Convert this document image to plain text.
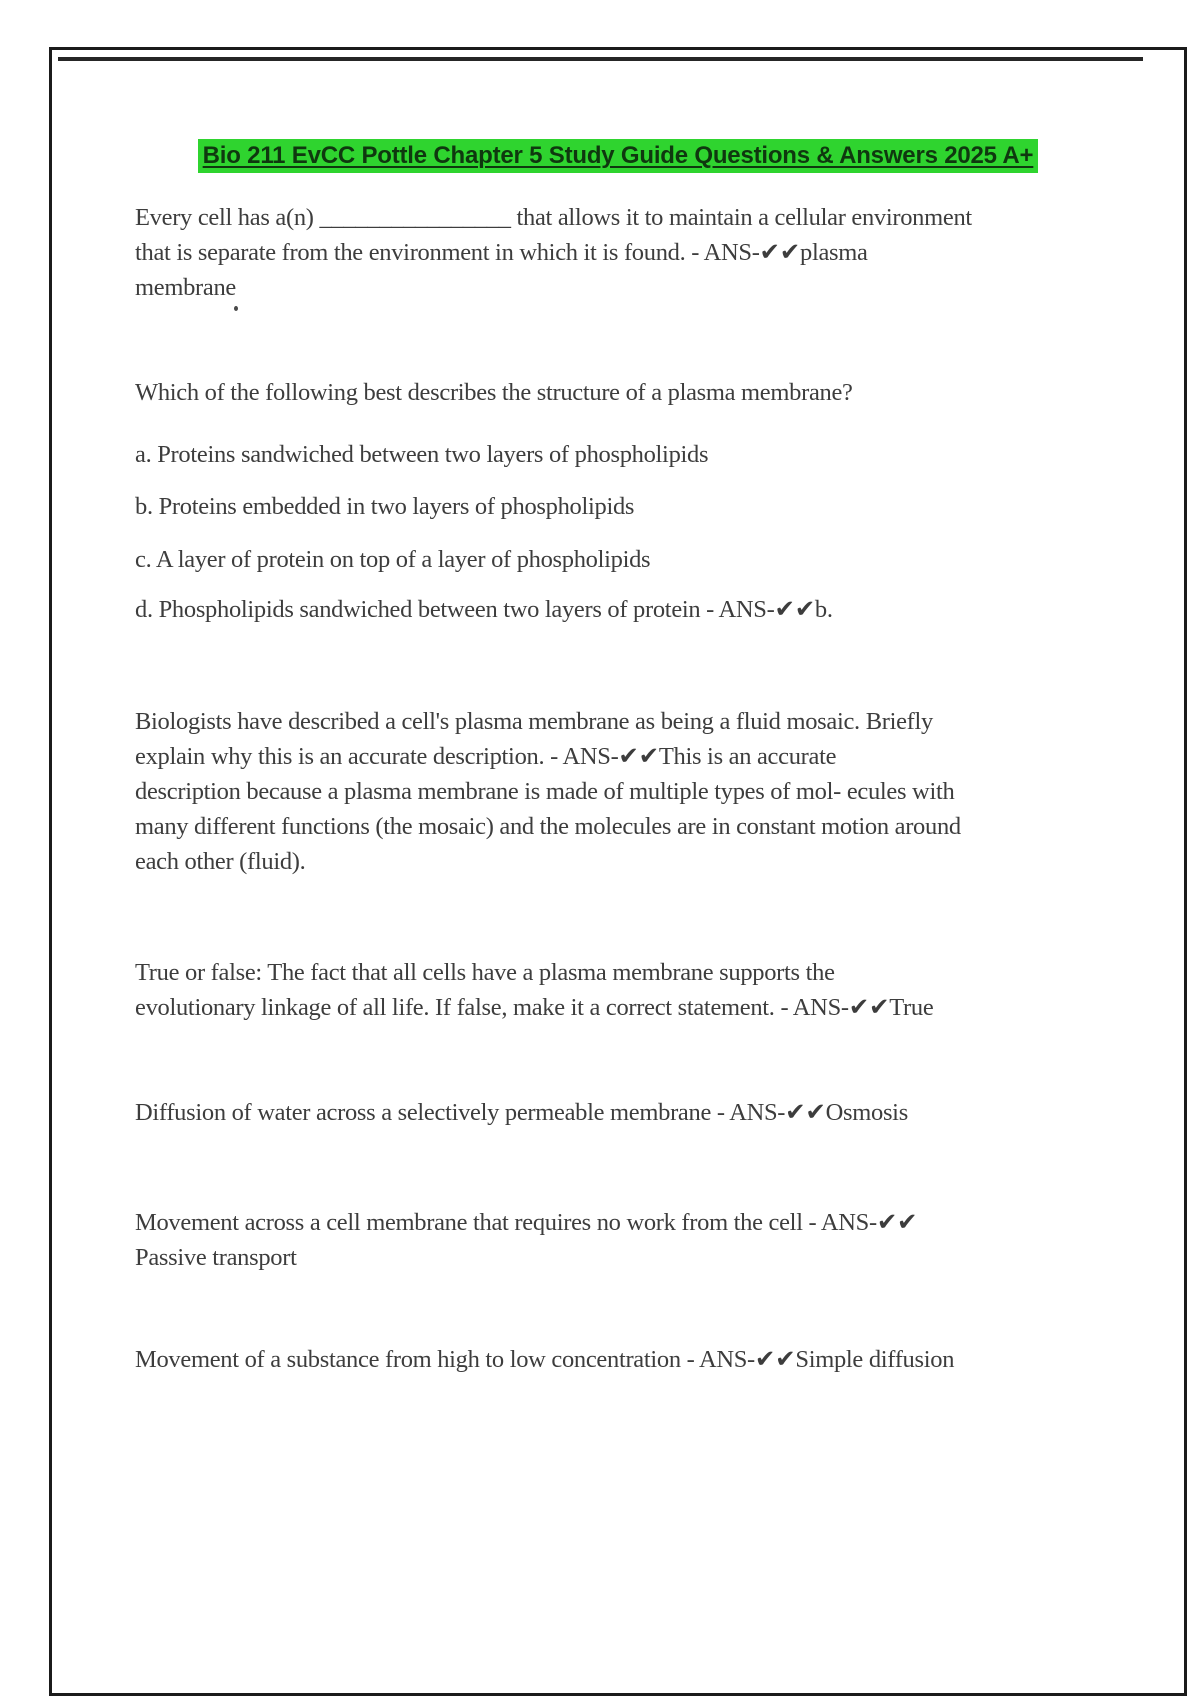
Bio 211 EvCC Pottle Chapter 5 Study Guide Questions & Answers 2025 A+
Every cell has a(n) ________________ that allows it to maintain a cellular environment
that is separate from the environment in which it is found. - ANS-✔✔plasma
membrane
Which of the following best describes the structure of a plasma membrane?
a. Proteins sandwiched between two layers of phospholipids
b. Proteins embedded in two layers of phospholipids
c. A layer of protein on top of a layer of phospholipids
d. Phospholipids sandwiched between two layers of protein - ANS-✔✔b.
Biologists have described a cell's plasma membrane as being a fluid mosaic. Briefly
explain why this is an accurate description. - ANS-✔✔This is an accurate
description because a plasma membrane is made of multiple types of mol- ecules with
many different functions (the mosaic) and the molecules are in constant motion around
each other (fluid).
True or false: The fact that all cells have a plasma membrane supports the
evolutionary linkage of all life. If false, make it a correct statement. - ANS-✔✔True
Diffusion of water across a selectively permeable membrane - ANS-✔✔Osmosis
Movement across a cell membrane that requires no work from the cell - ANS-✔✔
Passive transport
Movement of a substance from high to low concentration - ANS-✔✔Simple diffusion
